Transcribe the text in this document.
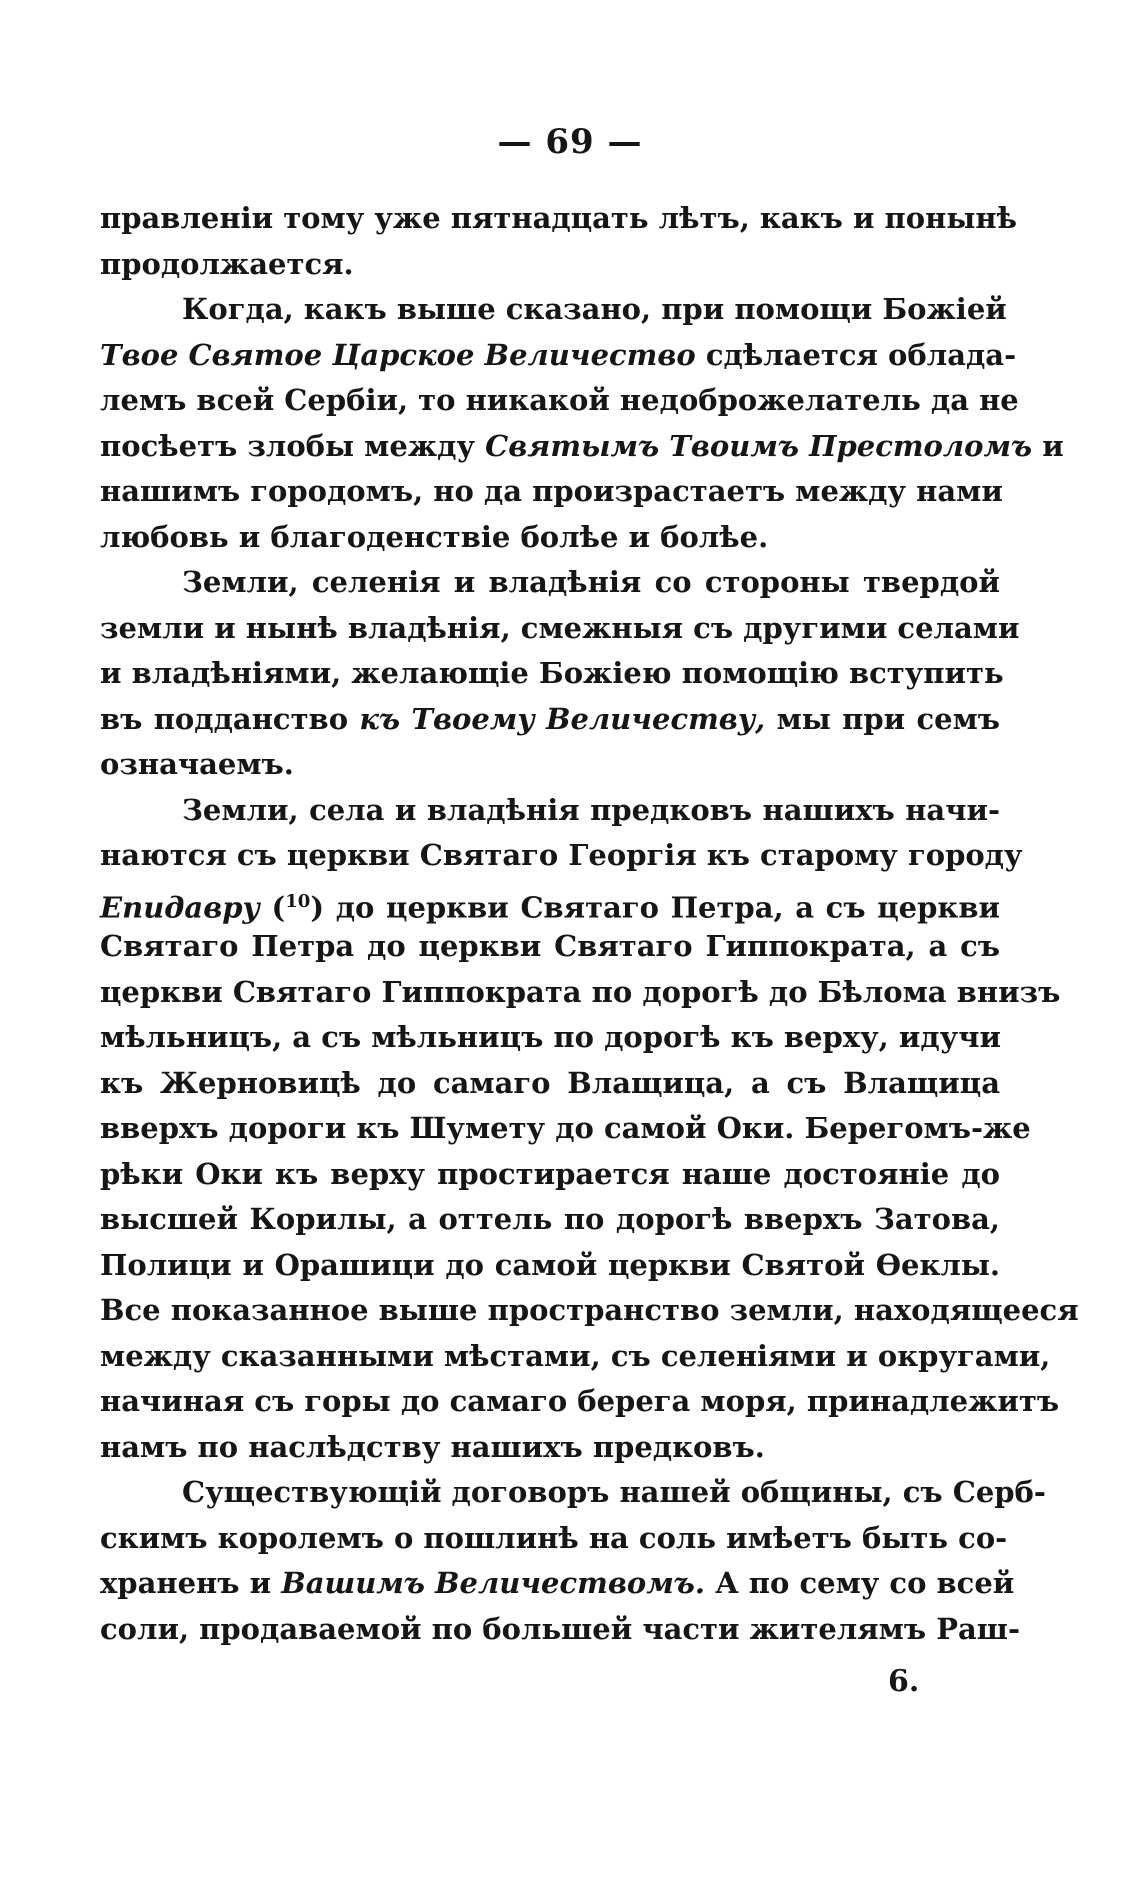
— 69 —
правленіи тому уже пятнадцать лѣтъ, какъ и понынѣ
продолжается.
Когда, какъ выше сказано, при помощи Божіей
Твое Святое Царское Величество сдѣлается облада-
лемъ всей Сербіи, то никакой недоброжелатель да не
посѣетъ злобы между Святымъ Твоимъ Престоломъ и
нашимъ городомъ, но да произрастаетъ между нами
любовь и благоденствіе болѣе и болѣе.
Земли, селенія и владѣнія со стороны твердой
земли и нынѣ владѣнія, смежныя съ другими селами
и владѣніями, желающіе Божіею помощію вступить
въ подданство къ Твоему Величеству, мы при семъ
означаемъ.
Земли, села и владѣнія предковъ нашихъ начи-
наются съ церкви Святаго Георгія къ старому городу
Епидавру ($^{10}$) до церкви Святаго Петра, а съ церкви
Святаго Петра до церкви Святаго Гиппократа, а съ
церкви Святаго Гиппократа по дорогѣ до Бѣлома внизъ
мѣльницъ, а съ мѣльницъ по дорогѣ къ верху, идучи
къ Жерновицѣ до самаго Влащица, а съ Влащица
вверхъ дороги къ Шумету до самой Оки. Берегомъ-же
рѣки Оки къ верху простирается наше достояніе до
высшей Корилы, а оттель по дорогѣ вверхъ Затова,
Полици и Орашици до самой церкви Святой Ѳеклы.
Все показанное выше пространство земли, находящееся
между сказанными мѣстами, съ селеніями и округами,
начиная съ горы до самаго берега моря, принадлежитъ
намъ по наслѣдству нашихъ предковъ.
Существующій договоръ нашей общины, съ Серб-
скимъ королемъ о пошлинѣ на соль имѣетъ быть со-
храненъ и Вашимъ Величествомъ. А по сему со всей
соли, продаваемой по большей части жителямъ Раш-
6.
